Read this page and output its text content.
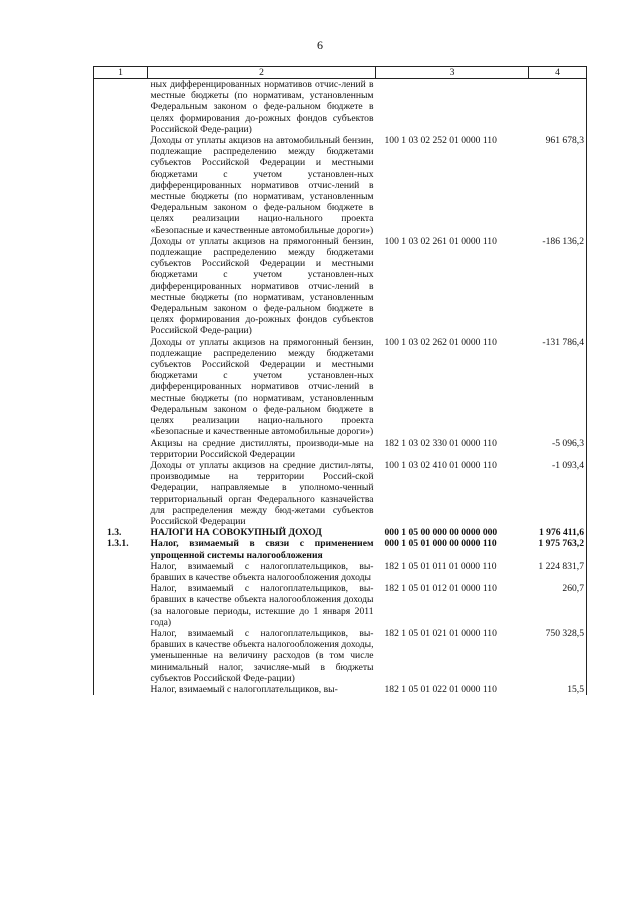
6
1	2	3	4
	ных дифференцированных нормативов отчис-лений в местные бюджеты (по нормативам, установленным Федеральным законом о феде-ральном бюджете в целях формирования до-рожных фондов субъектов Российской Феде-рации)		
	Доходы от уплаты акцизов на автомобильный бензин, подлежащие распределению между бюджетами субъектов Российской Федерации и местными бюджетами с учетом установлен-ных дифференцированных нормативов отчис-лений в местные бюджеты (по нормативам, установленным Федеральным законом о феде-ральном бюджете в целях реализации нацио-нального проекта «Безопасные и качественные автомобильные дороги»)	100 1 03 02 252 01 0000 110	961 678,3
	Доходы от уплаты акцизов на прямогонный бензин, подлежащие распределению между бюджетами субъектов Российской Федерации и местными бюджетами с учетом установлен-ных дифференцированных нормативов отчис-лений в местные бюджеты (по нормативам, установленным Федеральным законом о феде-ральном бюджете в целях формирования до-рожных фондов субъектов Российской Феде-рации)	100 1 03 02 261 01 0000 110	-186 136,2
	Доходы от уплаты акцизов на прямогонный бензин, подлежащие распределению между бюджетами субъектов Российской Федерации и местными бюджетами с учетом установлен-ных дифференцированных нормативов отчис-лений в местные бюджеты (по нормативам, установленным Федеральным законом о феде-ральном бюджете в целях реализации нацио-нального проекта «Безопасные и качественные автомобильные дороги»)	100 1 03 02 262 01 0000 110	-131 786,4
	Акцизы на средние дистилляты, производи-мые на территории Российской Федерации	182 1 03 02 330 01 0000 110	-5 096,3
	Доходы от уплаты акцизов на средние дистил-ляты, производимые на территории Россий-ской Федерации, направляемые в уполномо-ченный территориальный орган Федерального казначейства для распределения между бюд-жетами субъектов Российской Федерации	100 1 03 02 410 01 0000 110	-1 093,4
1.3.	НАЛОГИ НА СОВОКУПНЫЙ ДОХОД	000 1 05 00 000 00 0000 000	1 976 411,6
1.3.1.	Налог, взимаемый в связи с применением упрощенной системы налогообложения	000 1 05 01 000 00 0000 110	1 975 763,2
	Налог, взимаемый с налогоплательщиков, вы-бравших в качестве объекта налогообложения доходы	182 1 05 01 011 01 0000 110	1 224 831,7
	Налог, взимаемый с налогоплательщиков, вы-бравших в качестве объекта налогообложения доходы (за налоговые периоды, истекшие до 1 января 2011 года)	182 1 05 01 012 01 0000 110	260,7
	Налог, взимаемый с налогоплательщиков, вы-бравших в качестве объекта налогообложения доходы, уменьшенные на величину расходов (в том числе минимальный налог, зачисляе-мый в бюджеты субъектов Российской Феде-рации)	182 1 05 01 021 01 0000 110	750 328,5
	Налог, взимаемый с налогоплательщиков, вы-	182 1 05 01 022 01 0000 110	15,5
